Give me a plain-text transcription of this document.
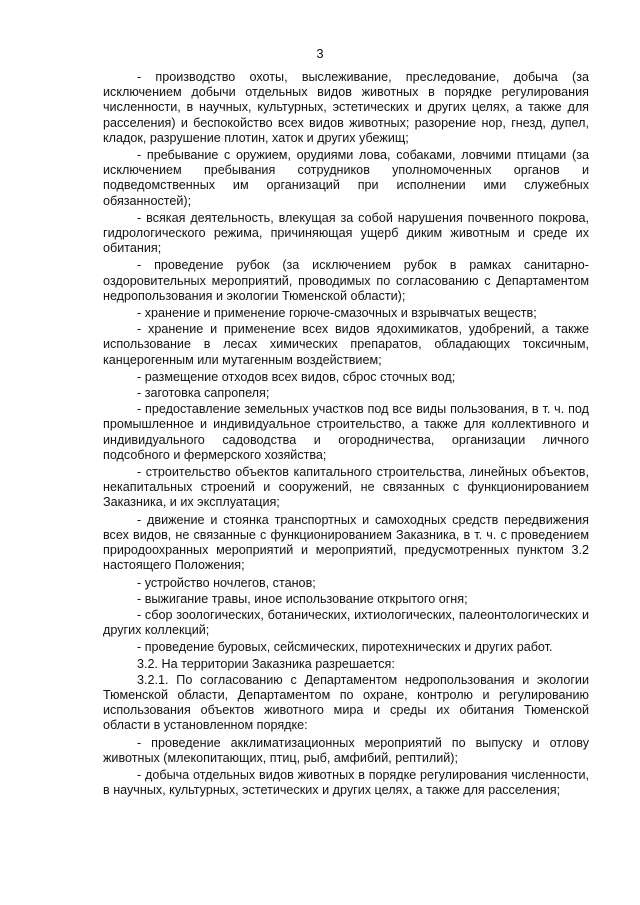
3

- производство охоты, выслеживание, преследование, добыча (за исключением добычи отдельных видов животных в порядке регулирования численности, в научных, культурных, эстетических и других целях, а также для расселения) и беспокойство всех видов животных; разорение нор, гнезд, дупел, кладок, разрушение плотин, хаток и других убежищ;

- пребывание с оружием, орудиями лова, собаками, ловчими птицами (за исключением пребывания сотрудников уполномоченных органов и подведомственных им организаций при исполнении ими служебных обязанностей);

- всякая деятельность, влекущая за собой нарушения почвенного покрова, гидрологического режима, причиняющая ущерб диким животным и среде их обитания;

- проведение рубок (за исключением рубок в рамках санитарно-оздоровительных мероприятий, проводимых по согласованию с Департаментом недропользования и экологии Тюменской области);

- хранение и применение горюче-смазочных и взрывчатых веществ;

- хранение и применение всех видов ядохимикатов, удобрений, а также использование в лесах химических препаратов, обладающих токсичным, канцерогенным или мутагенным воздействием;

- размещение отходов всех видов, сброс сточных вод;

- заготовка сапропеля;

- предоставление земельных участков под все виды пользования, в т. ч. под промышленное и индивидуальное строительство, а также для коллективного и индивидуального садоводства и огородничества, организации личного подсобного и фермерского хозяйства;

- строительство объектов капитального строительства, линейных объектов, некапитальных строений и сооружений, не связанных с функционированием Заказника, и их эксплуатация;

- движение и стоянка транспортных и самоходных средств передвижения всех видов, не связанные с функционированием Заказника, в т. ч. с проведением природоохранных мероприятий и мероприятий, предусмотренных пунктом 3.2 настоящего Положения;

- устройство ночлегов, станов;

- выжигание травы, иное использование открытого огня;

- сбор зоологических, ботанических, ихтиологических, палеонтологических и других коллекций;

- проведение буровых, сейсмических, пиротехнических и других работ.

3.2. На территории Заказника разрешается:

3.2.1. По согласованию с Департаментом недропользования и экологии Тюменской области, Департаментом по охране, контролю и регулированию использования объектов животного мира и среды их обитания Тюменской области в установленном порядке:

- проведение акклиматизационных мероприятий по выпуску и отлову животных (млекопитающих, птиц, рыб, амфибий, рептилий);

- добыча отдельных видов животных в порядке регулирования численности, в научных, культурных, эстетических и других целях, а также для расселения;
